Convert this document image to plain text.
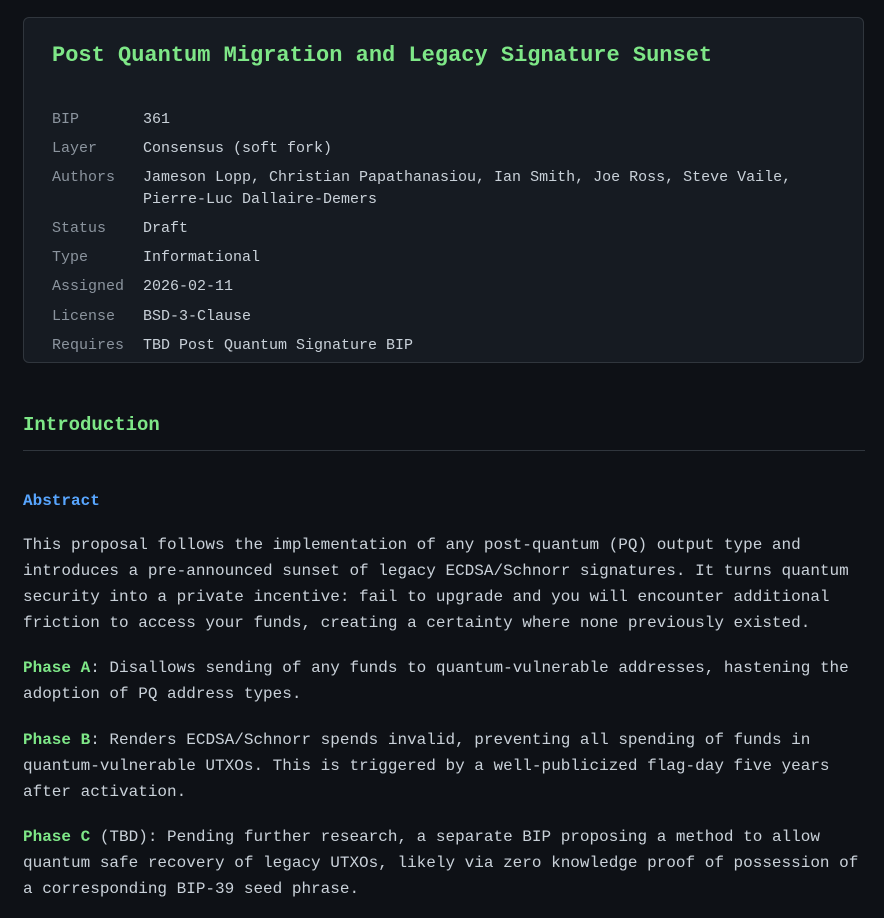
Post Quantum Migration and Legacy Signature Sunset
BIP	361
Layer	Consensus (soft fork)
Authors Jameson Lopp, Christian Papathanasiou, Ian Smith, Joe Ross, Steve Vaile, Pierre-Luc Dallaire-Demers
Status Draft
Type	Informational
Assigned 2026-02-11
License BSD-3-Clause
Requires TBD Post Quantum Signature BIP
Introduction
Abstract

This proposal follows the implementation of any post-quantum (PQ) output type and introduces a pre-announced sunset of legacy ECDSA/Schnorr signatures. It turns quantum security into a private incentive: fail to upgrade and you will encounter additional friction to access your funds, creating a certainty where none previously existed.

Phase A: Disallows sending of any funds to quantum-vulnerable addresses, hastening the adoption of PQ address types.

Phase B: Renders ECDSA/Schnorr spends invalid, preventing all spending of funds in quantum-vulnerable UTXOs. This is triggered by a well-publicized flag-day five years after activation.

Phase C (TBD): Pending further research, a separate BIP proposing a method to allow quantum safe recovery of legacy UTXOs, likely via zero knowledge proof of possession of a corresponding BIP-39 seed phrase.
